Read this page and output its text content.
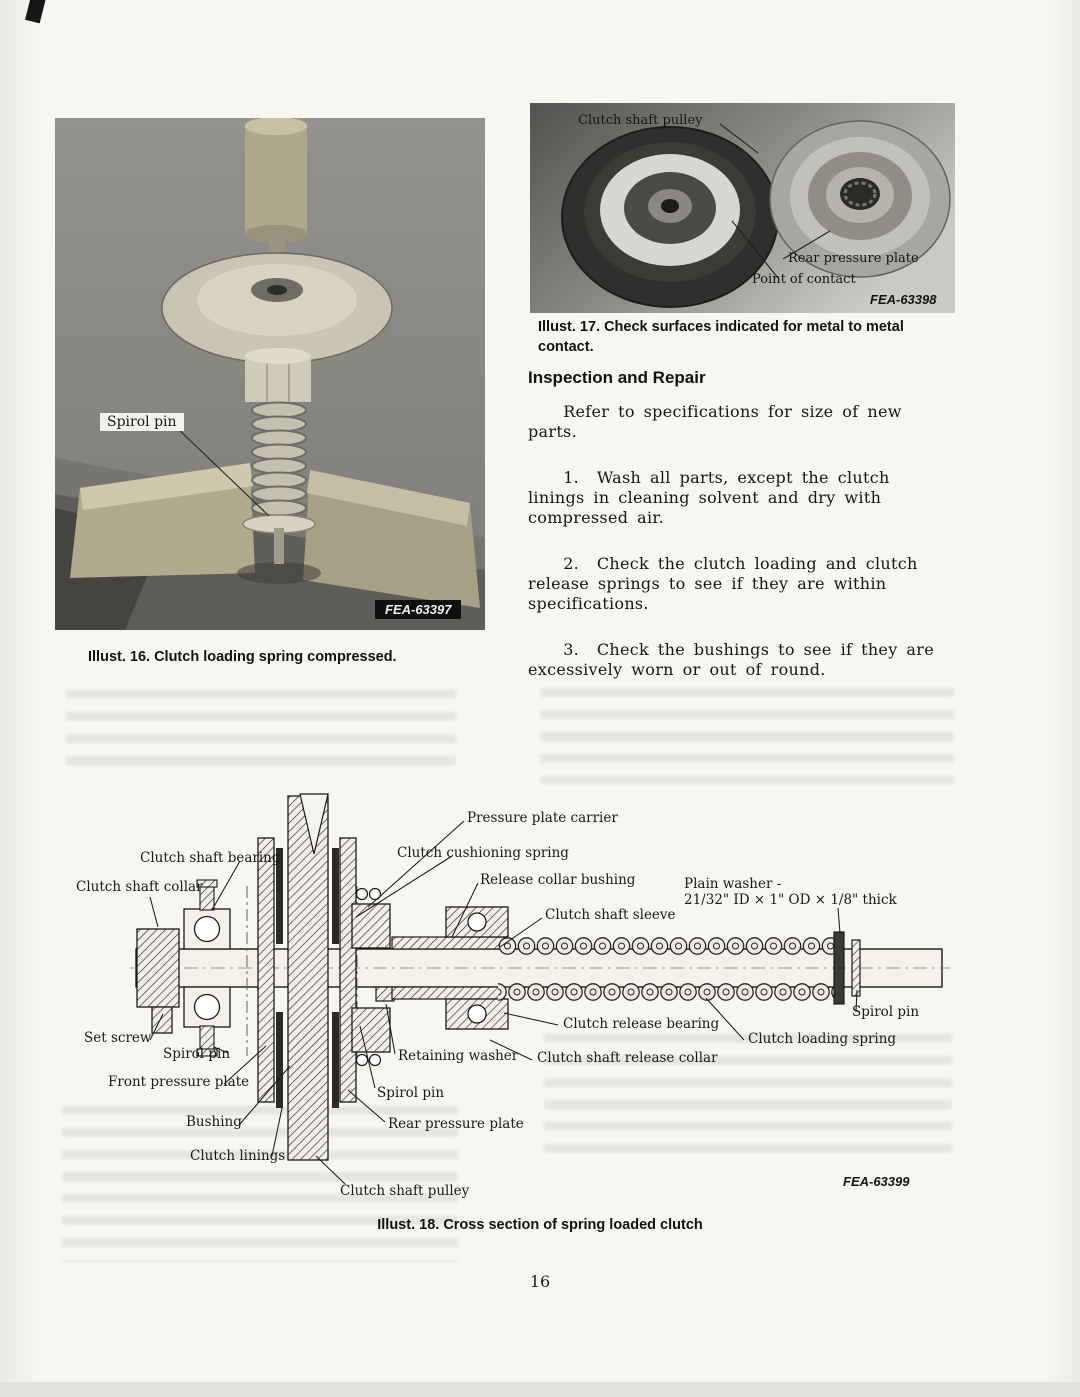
Spirol pin
FEA-63397
Illust. 16. Clutch loading spring compressed.
Clutch shaft pulley
Rear pressure plate
Point of contact
FEA-63398
Illust. 17. Check surfaces indicated for metal to metal contact.
Inspection and Repair

Refer to specifications for size of new parts.

1.  Wash all parts, except the clutch linings in cleaning solvent and dry with compressed air.

2.  Check the clutch loading and clutch release springs to see if they are within specifications.

3.  Check the bushings to see if they are excessively worn or out of round.

Pressure plate carrier
Clutch cushioning spring
Release collar bushing
Clutch shaft sleeve
Plain washer -
21/32" ID × 1" OD × 1/8" thick
Clutch shaft bearing
Clutch shaft collar
Set screw
Spirol pin
Front pressure plate
Bushing
Clutch linings
Clutch shaft pulley
Spirol pin
Retaining washer
Rear pressure plate
Clutch release bearing
Clutch shaft release collar
Clutch loading spring
Spirol pin
FEA-63399
Illust. 18. Cross section of spring loaded clutch
16
